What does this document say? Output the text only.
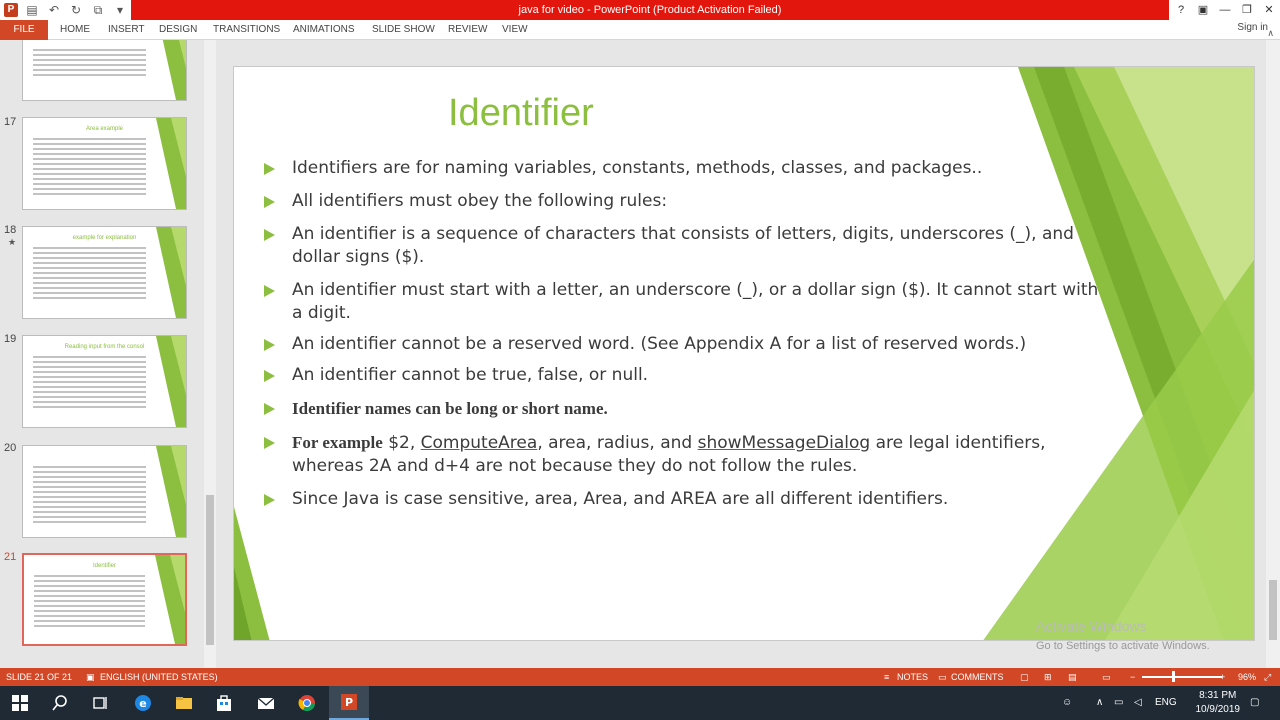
P	▤ ↶ ↻	⧉	▾	java for video - PowerPoint (Product Activation Failed)	?	▣	—	❐	✕
FILE	HOME INSERT DESIGN TRANSITIONS ANIMATIONS SLIDE SHOW REVIEW VIEW	Sign in ∧
17
Area example
18
★	example for explanation
19
Reading input from the consol
20
21
Identifier
Identifier
Identifiers are for naming variables, constants, methods, classes, and packages..
All identifiers must obey the following rules:
An identifier is a sequence of characters that consists of letters, digits, underscores (_), and dollar signs ($).
An identifier must start with a letter, an underscore (_), or a dollar sign ($). It cannot start with a digit.
An identifier cannot be a reserved word. (See Appendix A for a list of reserved words.)
An identifier cannot be true, false, or null.
Identifier names can be long or short name.
For example $2, ComputeArea, area, radius, and showMessageDialog are legal identifiers, whereas 2A and d+4 are not because they do not follow the rules.
Since Java is case sensitive, area, Area, and AREA are all different identifiers.
Activate Windows
Go to Settings to activate Windows.
SLIDE 21 OF 21 ▣ ENGLISH (UNITED STATES)	≡ NOTES ▭ COMMENTS ▢ ⊞ ▤	▭ −	+ 96% ⤢
e	P	☺ ∧ ▭ ◁ ENG
8:31 PM
10/9/2019
▢
